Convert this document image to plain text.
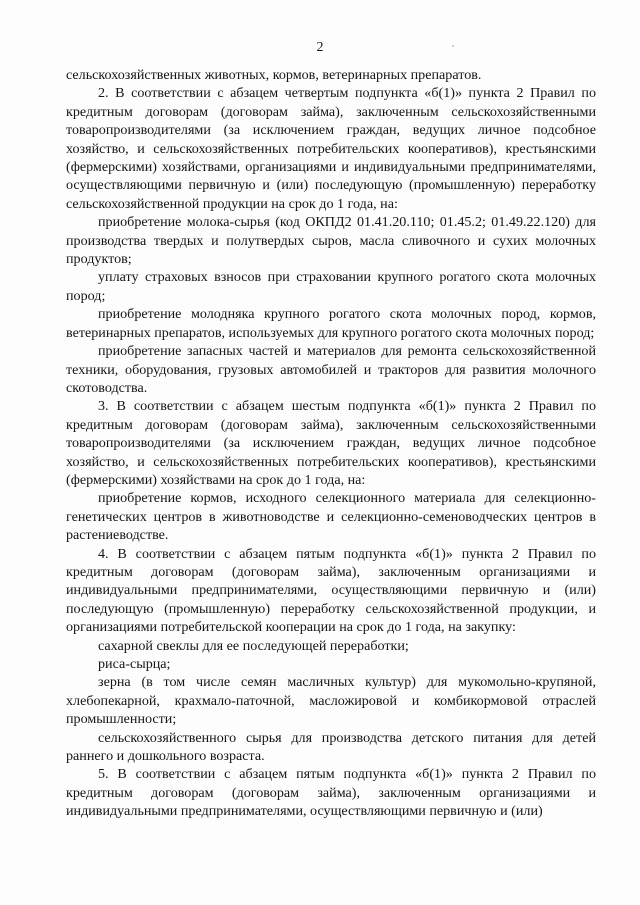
2

сельскохозяйственных животных, кормов, ветеринарных препаратов.

2. В соответствии с абзацем четвертым подпункта «б(1)» пункта 2 Правил по кредитным договорам (договорам займа), заключенным сельскохозяйственными товаропроизводителями (за исключением граждан, ведущих личное подсобное хозяйство, и сельскохозяйственных потребительских кооперативов), крестьянскими (фермерскими) хозяйствами, организациями и индивидуальными предпринимателями, осуществляющими первичную и (или) последующую (промышленную) переработку сельскохозяйственной продукции на срок до 1 года, на:

приобретение молока-сырья (код ОКПД2 01.41.20.110; 01.45.2; 01.49.22.120) для производства твердых и полутвердых сыров, масла сливочного и сухих молочных продуктов;

уплату страховых взносов при страховании крупного рогатого скота молочных пород;

приобретение молодняка крупного рогатого скота молочных пород, кормов, ветеринарных препаратов, используемых для крупного рогатого скота молочных пород;

приобретение запасных частей и материалов для ремонта сельскохозяйственной техники, оборудования, грузовых автомобилей и тракторов для развития молочного скотоводства.

3. В соответствии с абзацем шестым подпункта «б(1)» пункта 2 Правил по кредитным договорам (договорам займа), заключенным сельскохозяйственными товаропроизводителями (за исключением граждан, ведущих личное подсобное хозяйство, и сельскохозяйственных потребительских кооперативов), крестьянскими (фермерскими) хозяйствами на срок до 1 года, на:

приобретение кормов, исходного селекционного материала для селекционно-генетических центров в животноводстве и селекционно-семеноводческих центров в растениеводстве.

4. В соответствии с абзацем пятым подпункта «б(1)» пункта 2 Правил по кредитным договорам (договорам займа), заключенным организациями и индивидуальными предпринимателями, осуществляющими первичную и (или) последующую (промышленную) переработку сельскохозяйственной продукции, и организациями потребительской кооперации на срок до 1 года, на закупку:

сахарной свеклы для ее последующей переработки;

риса-сырца;

зерна (в том числе семян масличных культур) для мукомольно-крупяной, хлебопекарной, крахмало-паточной, масложировой и комбикормовой отраслей промышленности;

сельскохозяйственного сырья для производства детского питания для детей раннего и дошкольного возраста.

5. В соответствии с абзацем пятым подпункта «б(1)» пункта 2 Правил по кредитным договорам (договорам займа), заключенным организациями и индивидуальными предпринимателями, осуществляющими первичную и (или)
